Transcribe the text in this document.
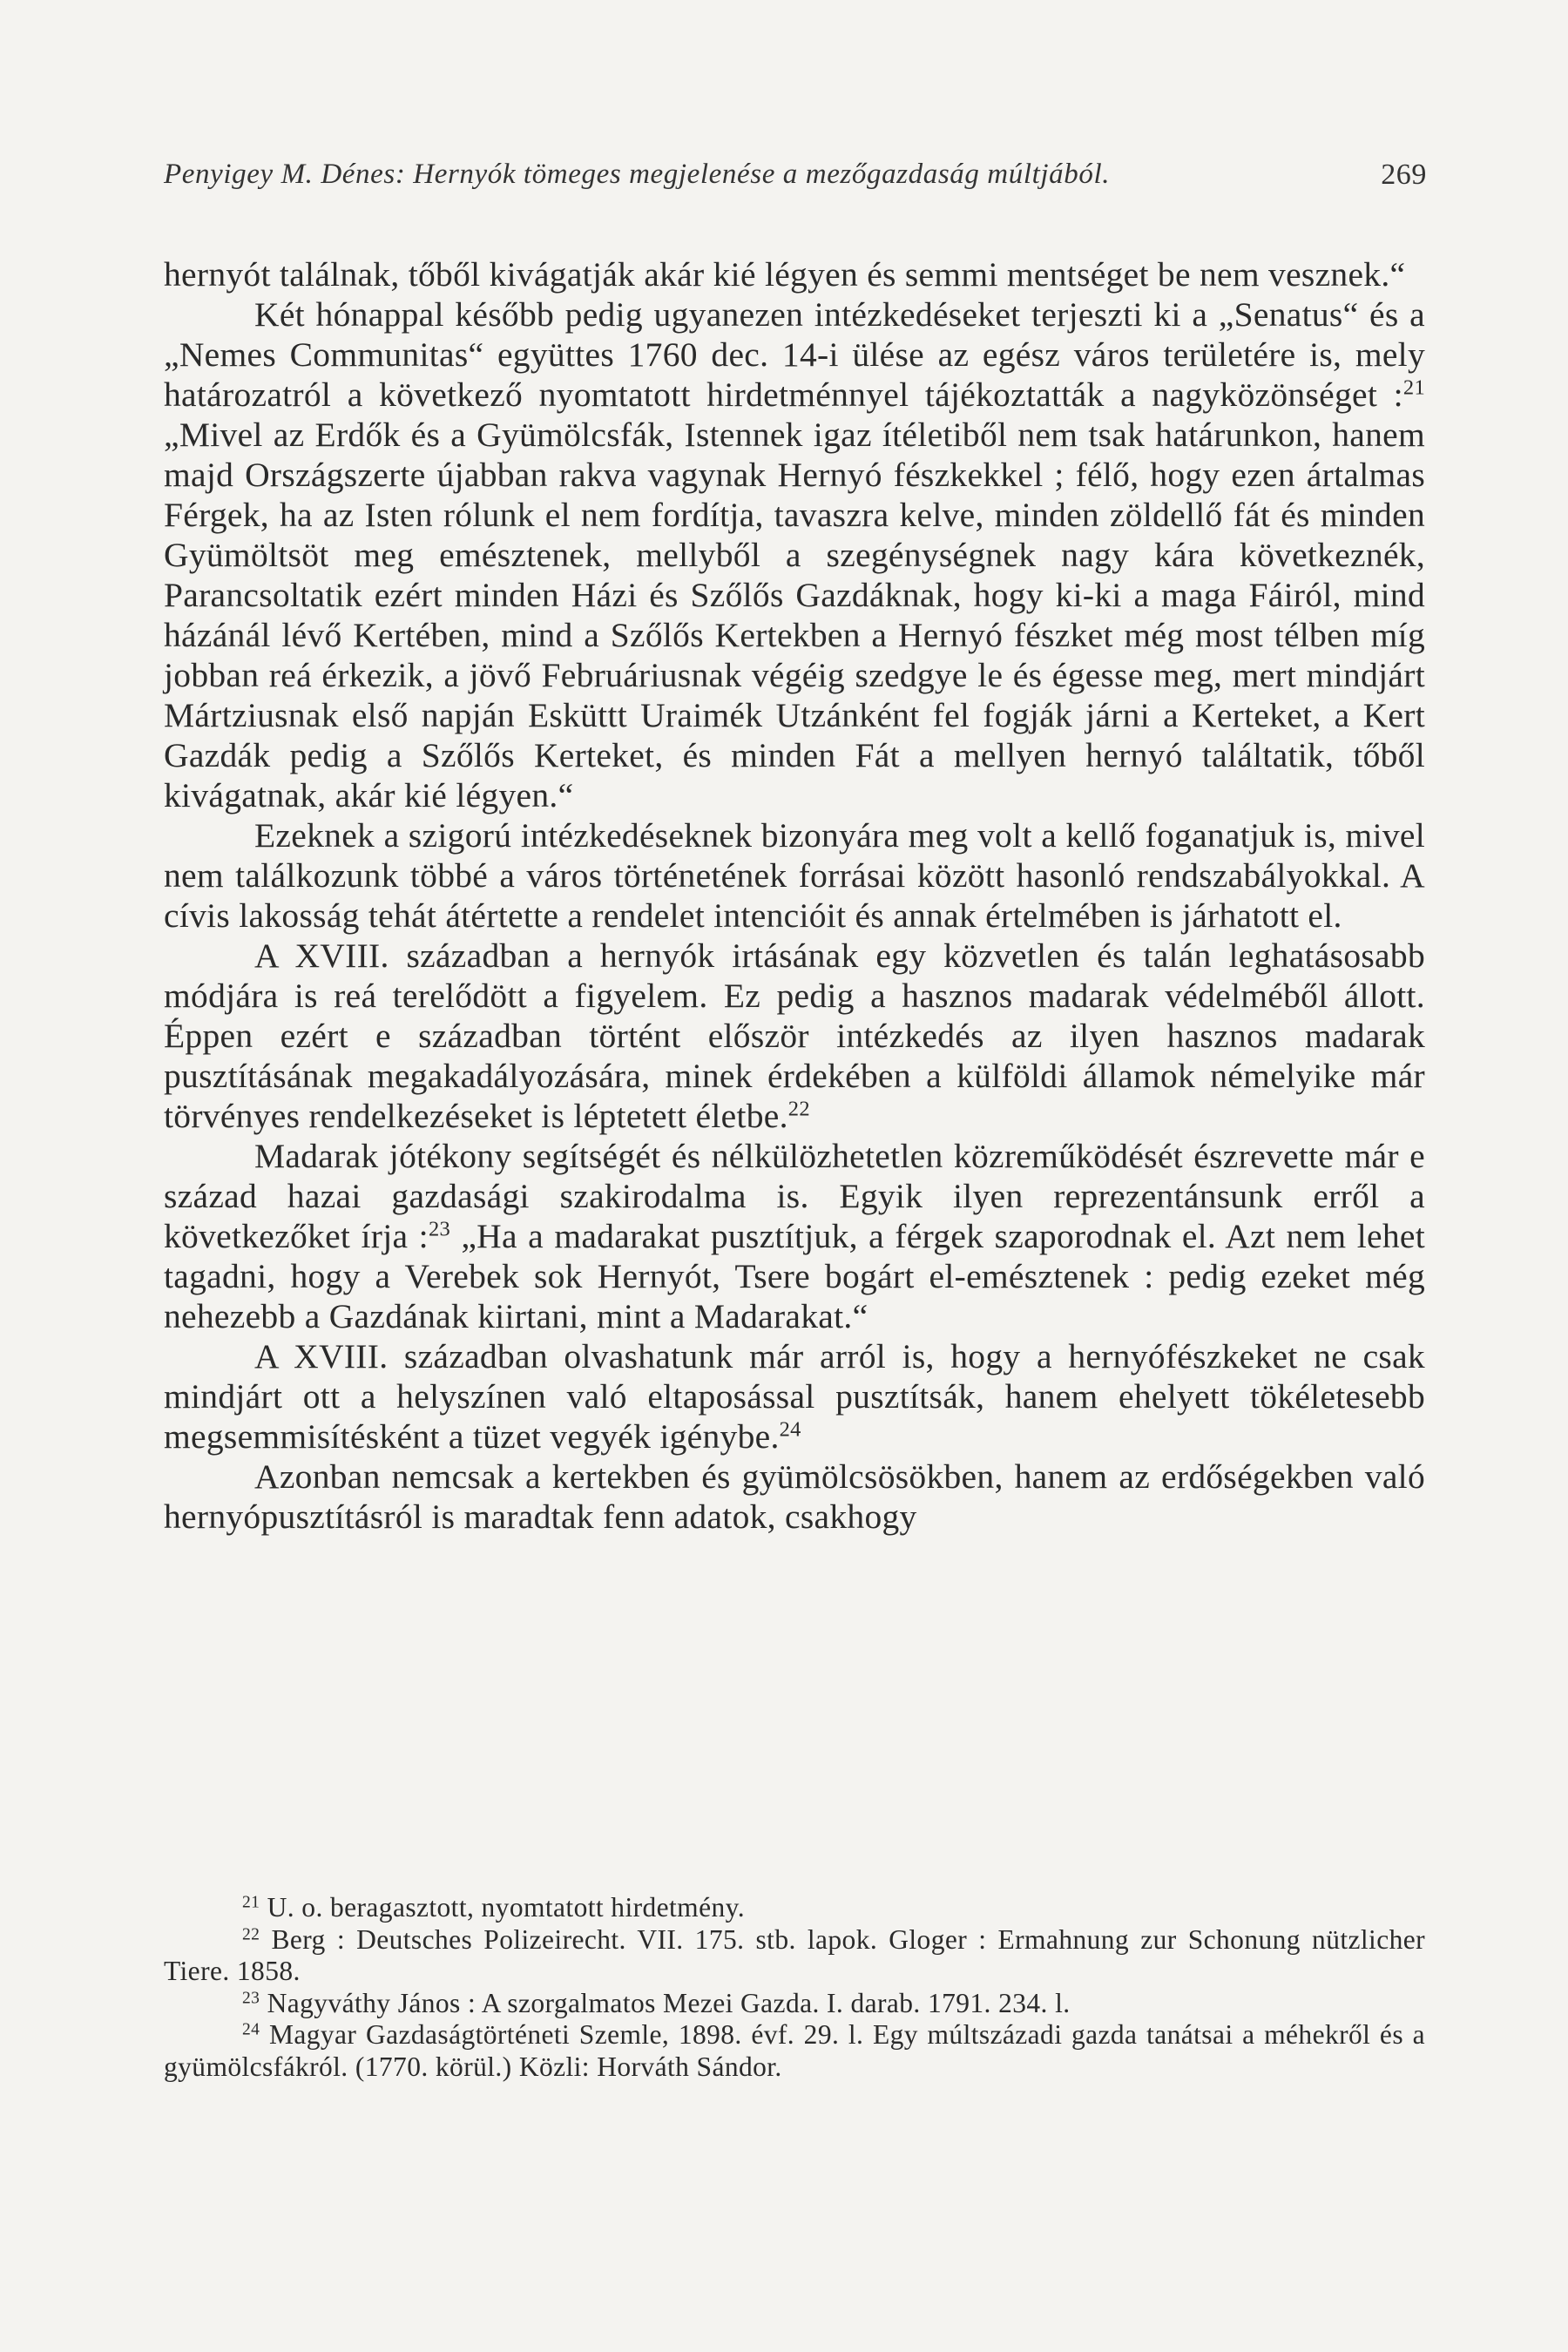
Penyigey M. Dénes: Hernyók tömeges megjelenése a mezőgazdaság múltjából.	269

hernyót találnak, tőből kivágatják akár kié légyen és semmi mentséget be nem vesznek.“

Két hónappal később pedig ugyanezen intézkedéseket terjeszti ki a „Senatus“ és a „Nemes Communitas“ együttes 1760 dec. 14-i ülése az egész város területére is, mely határozatról a következő nyomtatott hirdetménnyel tájékoztatták a nagyközönséget :$^{21}$ „Mivel az Erdők és a Gyümölcsfák, Istennek igaz ítéletiből nem tsak határunkon, hanem majd Országszerte újabban rakva vagynak Hernyó fészkekkel ; félő, hogy ezen ártalmas Férgek, ha az Isten rólunk el nem fordítja, tavaszra kelve, minden zöldellő fát és minden Gyümöltsöt meg emésztenek, mellyből a szegénységnek nagy kára következnék, Parancsoltatik ezért minden Házi és Szőlős Gazdáknak, hogy ki-ki a maga Fáiról, mind házánál lévő Kertében, mind a Szőlős Kertekben a Hernyó fészket még most télben míg jobban reá érkezik, a jövő Februáriusnak végéig szedgye le és égesse meg, mert mindjárt Mártziusnak első napján Esküttt Uraimék Utzánként fel fogják járni a Kerteket, a Kert Gazdák pedig a Szőlős Kerteket, és minden Fát a mellyen hernyó találtatik, tőből kivágatnak, akár kié légyen.“

Ezeknek a szigorú intézkedéseknek bizonyára meg volt a kellő foganatjuk is, mivel nem találkozunk többé a város történetének forrásai között hasonló rendszabályokkal. A cívis lakosság tehát átértette a rendelet intencióit és annak értelmében is járhatott el.

A XVIII. században a hernyók irtásának egy közvetlen és talán leghatásosabb módjára is reá terelődött a figyelem. Ez pedig a hasznos madarak védelméből állott. Éppen ezért e században történt először intézkedés az ilyen hasznos madarak pusztításának megakadályozására, minek érdekében a külföldi államok némelyike már törvényes rendelkezéseket is léptetett életbe.$^{22}$

Madarak jótékony segítségét és nélkülözhetetlen közreműködését észrevette már e század hazai gazdasági szakirodalma is. Egyik ilyen reprezentánsunk erről a következőket írja :$^{23}$ „Ha a madarakat pusztítjuk, a férgek szaporodnak el. Azt nem lehet tagadni, hogy a Verebek sok Hernyót, Tsere bogárt el-emésztenek : pedig ezeket még nehezebb a Gazdának kiirtani, mint a Madarakat.“

A XVIII. században olvashatunk már arról is, hogy a hernyófészkeket ne csak mindjárt ott a helyszínen való eltaposással pusztítsák, hanem ehelyett tökéletesebb megsemmisítésként a tüzet vegyék igénybe.$^{24}$

Azonban nemcsak a kertekben és gyümölcsösökben, hanem az erdőségekben való hernyópusztításról is maradtak fenn adatok, csakhogy

$^{21}$ U. o. beragasztott, nyomtatott hirdetmény.

$^{22}$ Berg : Deutsches Polizeirecht. VII. 175. stb. lapok. Gloger : Ermahnung zur Schonung nützlicher Tiere. 1858.

$^{23}$ Nagyváthy János : A szorgalmatos Mezei Gazda. I. darab. 1791. 234. l.

$^{24}$ Magyar Gazdaságtörténeti Szemle, 1898. évf. 29. l. Egy múltszázadi gazda tanátsai a méhekről és a gyümölcsfákról. (1770. körül.) Közli: Horváth Sándor.
